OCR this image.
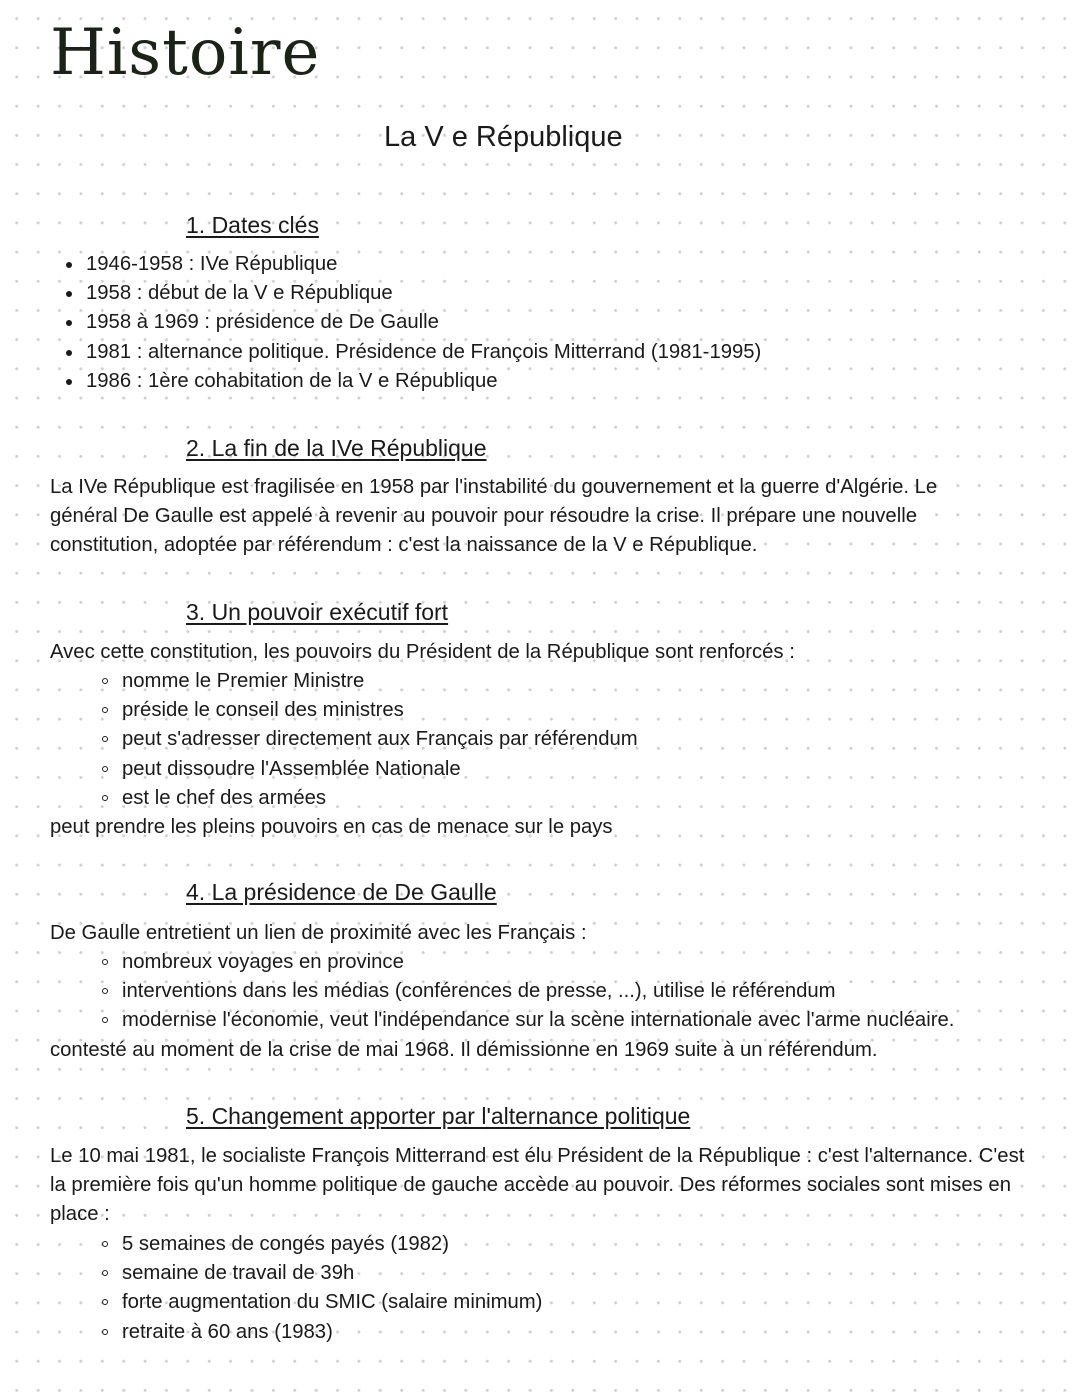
Histoire
La V e République
1. Dates clés
1946-1958 : IVe République
1958 : début de la V e République
1958 à 1969 : présidence de De Gaulle
1981 : alternance politique. Présidence de François Mitterrand (1981-1995)
1986 : 1ère cohabitation de la V e République
2. La fin de la IVe République

La IVe République est fragilisée en 1958 par l'instabilité du gouvernement et la guerre d'Algérie. Le général De Gaulle est appelé à revenir au pouvoir pour résoudre la crise. Il prépare une nouvelle constitution, adoptée par référendum : c'est la naissance de la V e République.

3. Un pouvoir exécutif fort

Avec cette constitution, les pouvoirs du Président de la République sont renforcés :

nomme le Premier Ministre
préside le conseil des ministres
peut s'adresser directement aux Français par référendum
peut dissoudre l'Assemblée Nationale
est le chef des armées

peut prendre les pleins pouvoirs en cas de menace sur le pays

4. La présidence de De Gaulle

De Gaulle entretient un lien de proximité avec les Français :

nombreux voyages en province
interventions dans les médias (conférences de presse, ...), utilise le référendum
modernise l'économie, veut l'indépendance sur la scène internationale avec l'arme nucléaire.

contesté au moment de la crise de mai 1968. Il démissionne en 1969 suite à un référendum.

5. Changement apporter par l'alternance politique

Le 10 mai 1981, le socialiste François Mitterrand est élu Président de la République : c'est l'alternance. C'est la première fois qu'un homme politique de gauche accède au pouvoir. Des réformes sociales sont mises en place :

5 semaines de congés payés (1982)
semaine de travail de 39h
forte augmentation du SMIC (salaire minimum)
retraite à 60 ans (1983)
